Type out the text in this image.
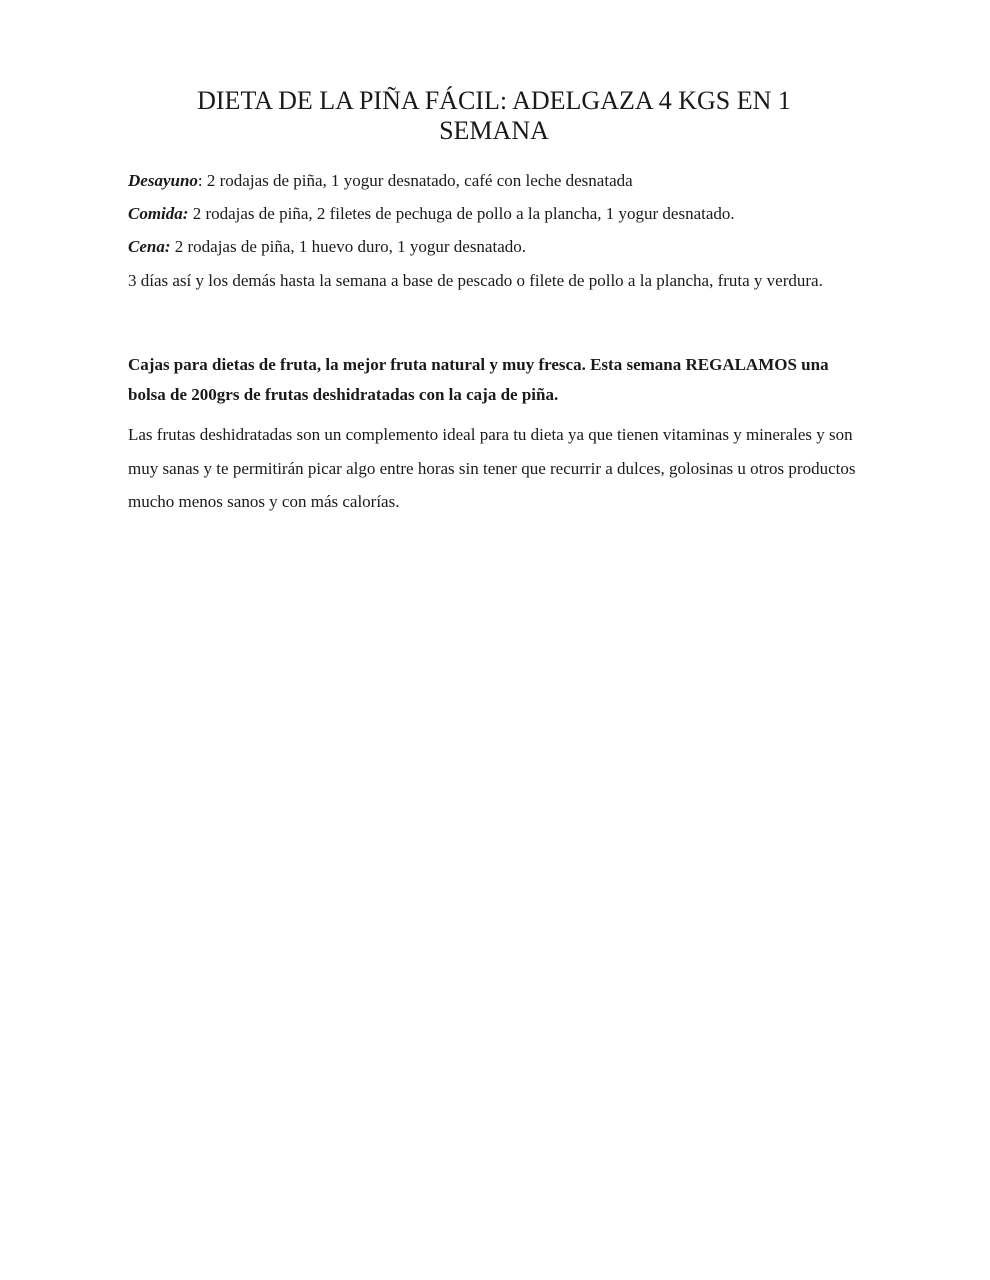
DIETA DE LA PIÑA FÁCIL: ADELGAZA 4 KGS EN 1 SEMANA

Desayuno: 2 rodajas de piña, 1 yogur desnatado, café con leche desnatada

Comida: 2 rodajas de piña, 2 filetes de pechuga de pollo a la plancha, 1 yogur desnatado.

Cena: 2 rodajas de piña, 1 huevo duro, 1 yogur desnatado.

3 días así y los demás hasta la semana a base de pescado o filete de pollo a la plancha, fruta y verdura.

Cajas para dietas de fruta, la mejor fruta natural y muy fresca. Esta semana REGALAMOS una bolsa de 200grs de frutas deshidratadas con la caja de piña.

Las frutas deshidratadas son un complemento ideal para tu dieta ya que tienen vitaminas y minerales y son muy sanas y te permitirán picar algo entre horas sin tener que recurrir a dulces, golosinas u otros productos mucho menos sanos y con más calorías.
